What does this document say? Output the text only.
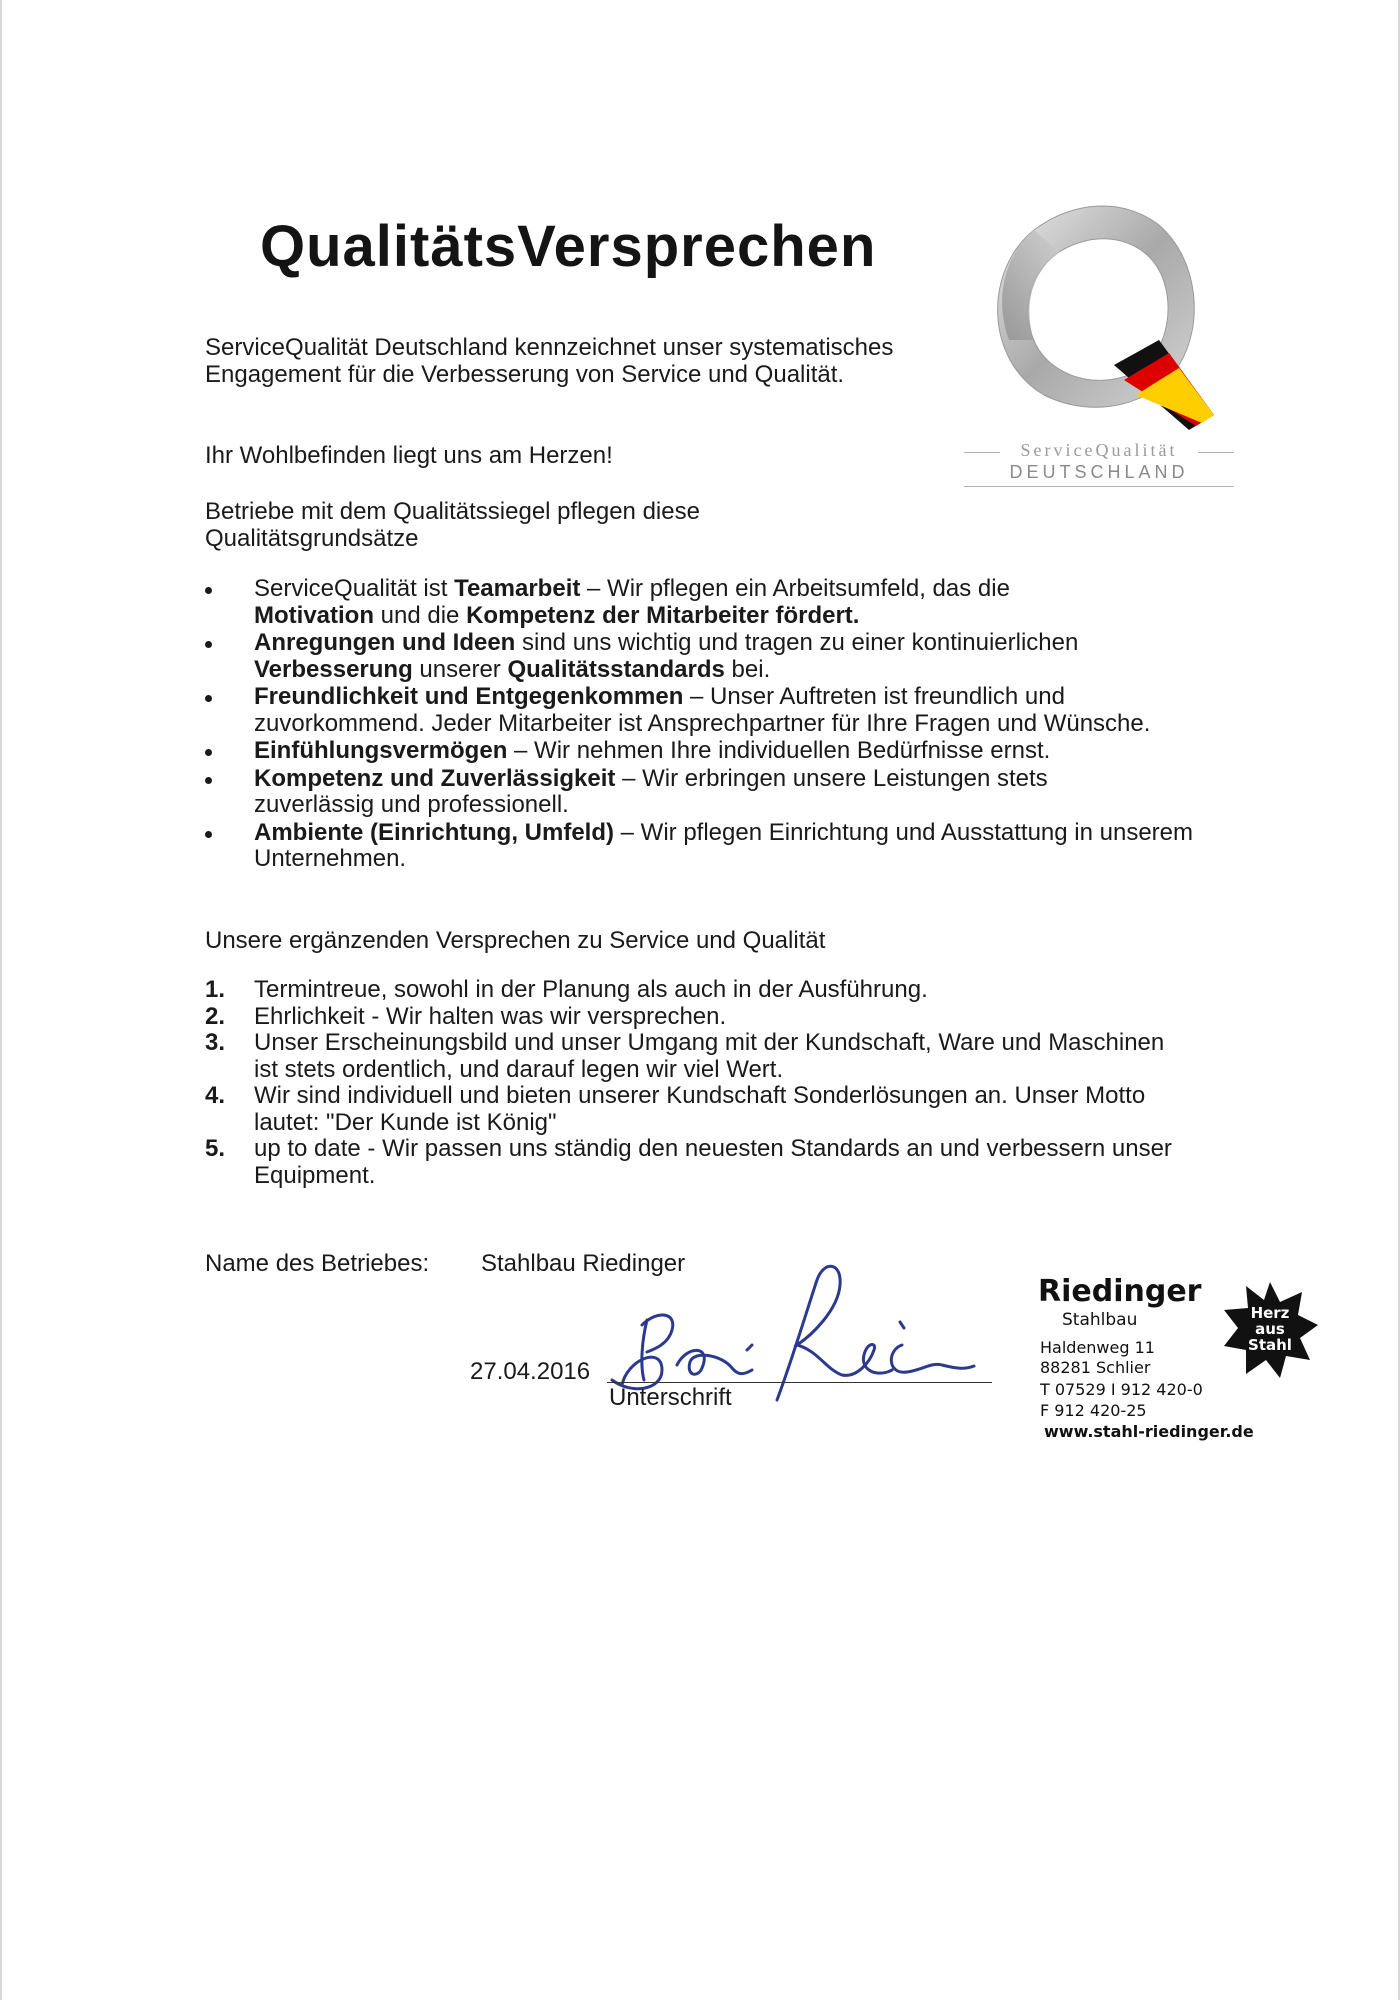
QualitätsVersprechen
ServiceQualität
DEUTSCHLAND

ServiceQualität Deutschland kennzeichnet unser systematisches Engagement für die Verbesserung von Service und Qualität.

Ihr Wohlbefinden liegt uns am Herzen!

Betriebe mit dem Qualitätssiegel pflegen diese Qualitätsgrundsätze

ServiceQualität ist Teamarbeit – Wir pflegen ein Arbeitsumfeld, das die
Motivation und die Kompetenz der Mitarbeiter fördert.
Anregungen und Ideen sind uns wichtig und tragen zu einer kontinuierlichen
Verbesserung unserer Qualitätsstandards bei.
Freundlichkeit und Entgegenkommen – Unser Auftreten ist freundlich und zuvorkommend. Jeder Mitarbeiter ist Ansprechpartner für Ihre Fragen und Wünsche.
Einfühlungsvermögen – Wir nehmen Ihre individuellen Bedürfnisse ernst.
Kompetenz und Zuverlässigkeit – Wir erbringen unsere Leistungen stets zuverlässig und professionell.
Ambiente (Einrichtung, Umfeld) – Wir pflegen Einrichtung und Ausstattung in unserem Unternehmen.

Unsere ergänzenden Versprechen zu Service und Qualität

1. Termintreue, sowohl in der Planung als auch in der Ausführung.
2. Ehrlichkeit - Wir halten was wir versprechen.
3. Unser Erscheinungsbild und unser Umgang mit der Kundschaft, Ware und Maschinen ist stets ordentlich, und darauf legen wir viel Wert.
4. Wir sind individuell und bieten unserer Kundschaft Sonderlösungen an. Unser Motto lautet: "Der Kunde ist König"
5. up to date - Wir passen uns ständig den neuesten Standards an und verbessern unser Equipment.
Name des Betriebes: Stahlbau Riedinger
27.04.2016
Unterschrift
Riedinger
Stahlbau
Haldenweg 11
88281 Schlier
T 07529 I 912 420-0
F 912 420-25
www.stahl-riedinger.de
Herz
aus
Stahl
